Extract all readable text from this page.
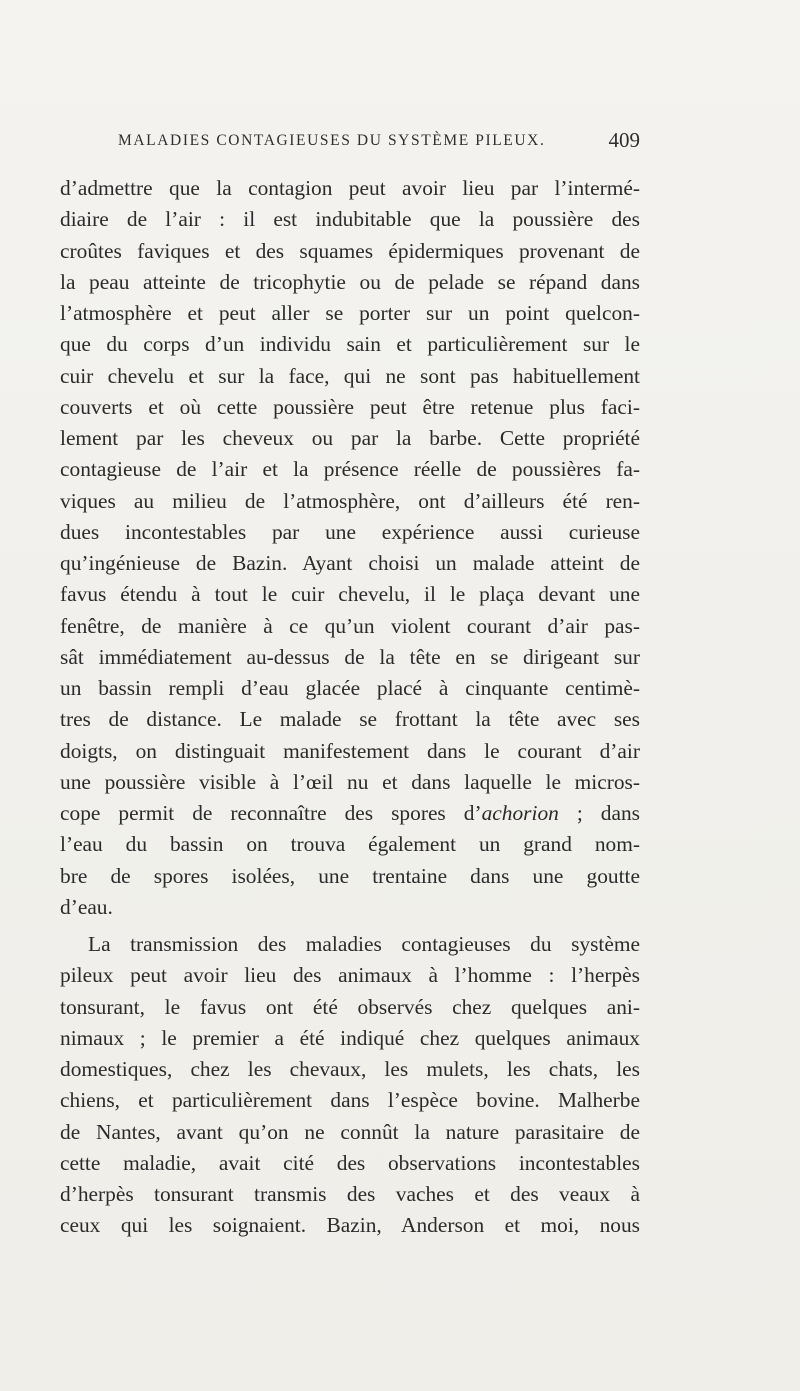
MALADIES CONTAGIEUSES DU SYSTÈME PILEUX.	409
d’admettre que la contagion peut avoir lieu par l’intermé-
diaire de l’air : il est indubitable que la poussière des
croûtes faviques et des squames épidermiques provenant de
la peau atteinte de tricophytie ou de pelade se répand dans
l’atmosphère et peut aller se porter sur un point quelcon-
que du corps d’un individu sain et particulièrement sur le
cuir chevelu et sur la face, qui ne sont pas habituellement
couverts et où cette poussière peut être retenue plus faci-
lement par les cheveux ou par la barbe. Cette propriété
contagieuse de l’air et la présence réelle de poussières fa-
viques au milieu de l’atmosphère, ont d’ailleurs été ren-
dues incontestables par une expérience aussi curieuse
qu’ingénieuse de Bazin. Ayant choisi un malade atteint de
favus étendu à tout le cuir chevelu, il le plaça devant une
fenêtre, de manière à ce qu’un violent courant d’air pas-
sât immédiatement au-dessus de la tête en se dirigeant sur
un bassin rempli d’eau glacée placé à cinquante centimè-
tres de distance. Le malade se frottant la tête avec ses
doigts, on distinguait manifestement dans le courant d’air
une poussière visible à l’œil nu et dans laquelle le micros-
cope permit de reconnaître des spores d’achorion ; dans
l’eau du bassin on trouva également un grand nom-
bre de spores isolées, une trentaine dans une goutte
d’eau.
La transmission des maladies contagieuses du système
pileux peut avoir lieu des animaux à l’homme : l’herpès
tonsurant, le favus ont été observés chez quelques ani-
nimaux ; le premier a été indiqué chez quelques animaux
domestiques, chez les chevaux, les mulets, les chats, les
chiens, et particulièrement dans l’espèce bovine. Malherbe
de Nantes, avant qu’on ne connût la nature parasitaire de
cette maladie, avait cité des observations incontestables
d’herpès tonsurant transmis des vaches et des veaux à
ceux qui les soignaient. Bazin, Anderson et moi, nous
